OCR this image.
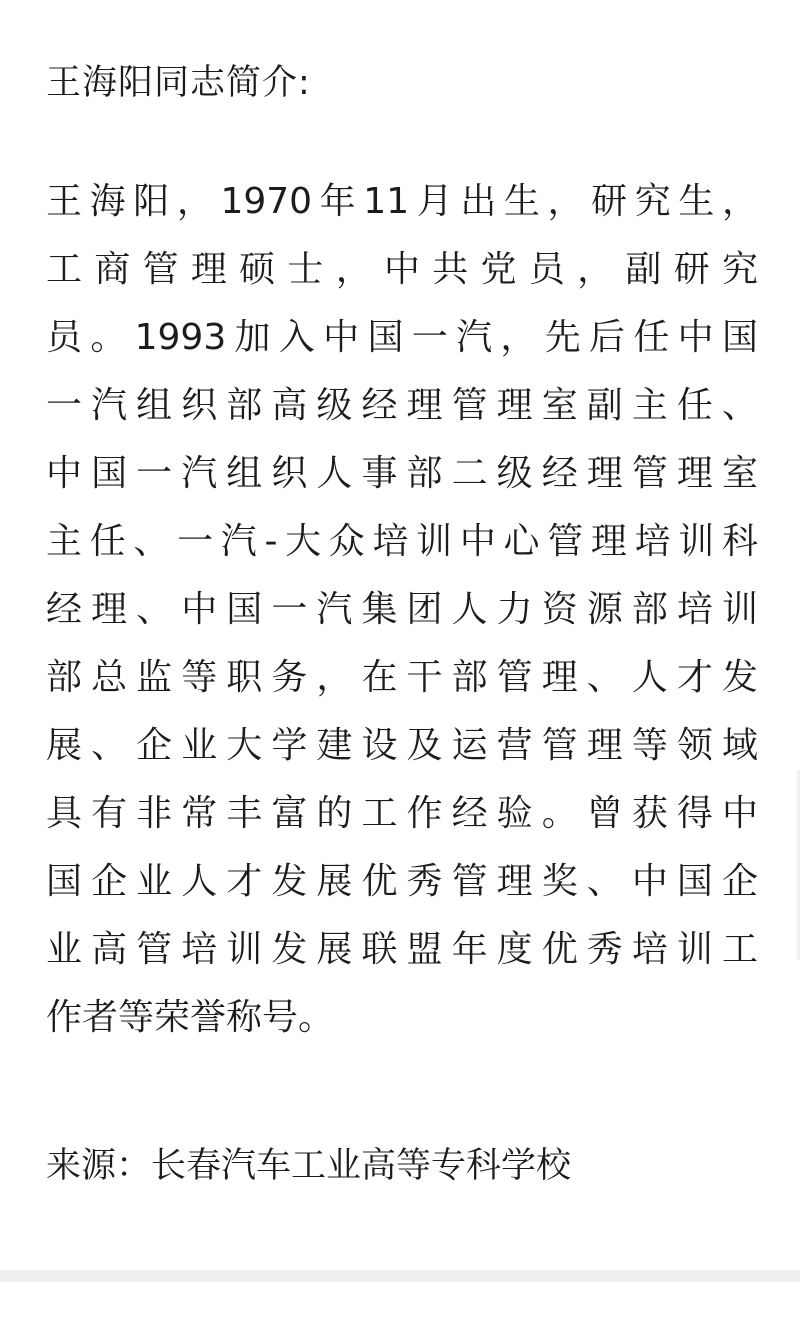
王海阳同志简介:
王海阳，1970年11月出生，研究生，
工商管理硕士，中共党员，副研究
员。1993加入中国一汽，先后任中国
一汽组织部高级经理管理室副主任、
中国一汽组织人事部二级经理管理室
主任、一汽-大众培训中心管理培训科
经理、中国一汽集团人力资源部培训
部总监等职务，在干部管理、人才发
展、企业大学建设及运营管理等领域
具有非常丰富的工作经验。曾获得中
国企业人才发展优秀管理奖、中国企
业高管培训发展联盟年度优秀培训工
作者等荣誉称号。
来源：长春汽车工业高等专科学校
